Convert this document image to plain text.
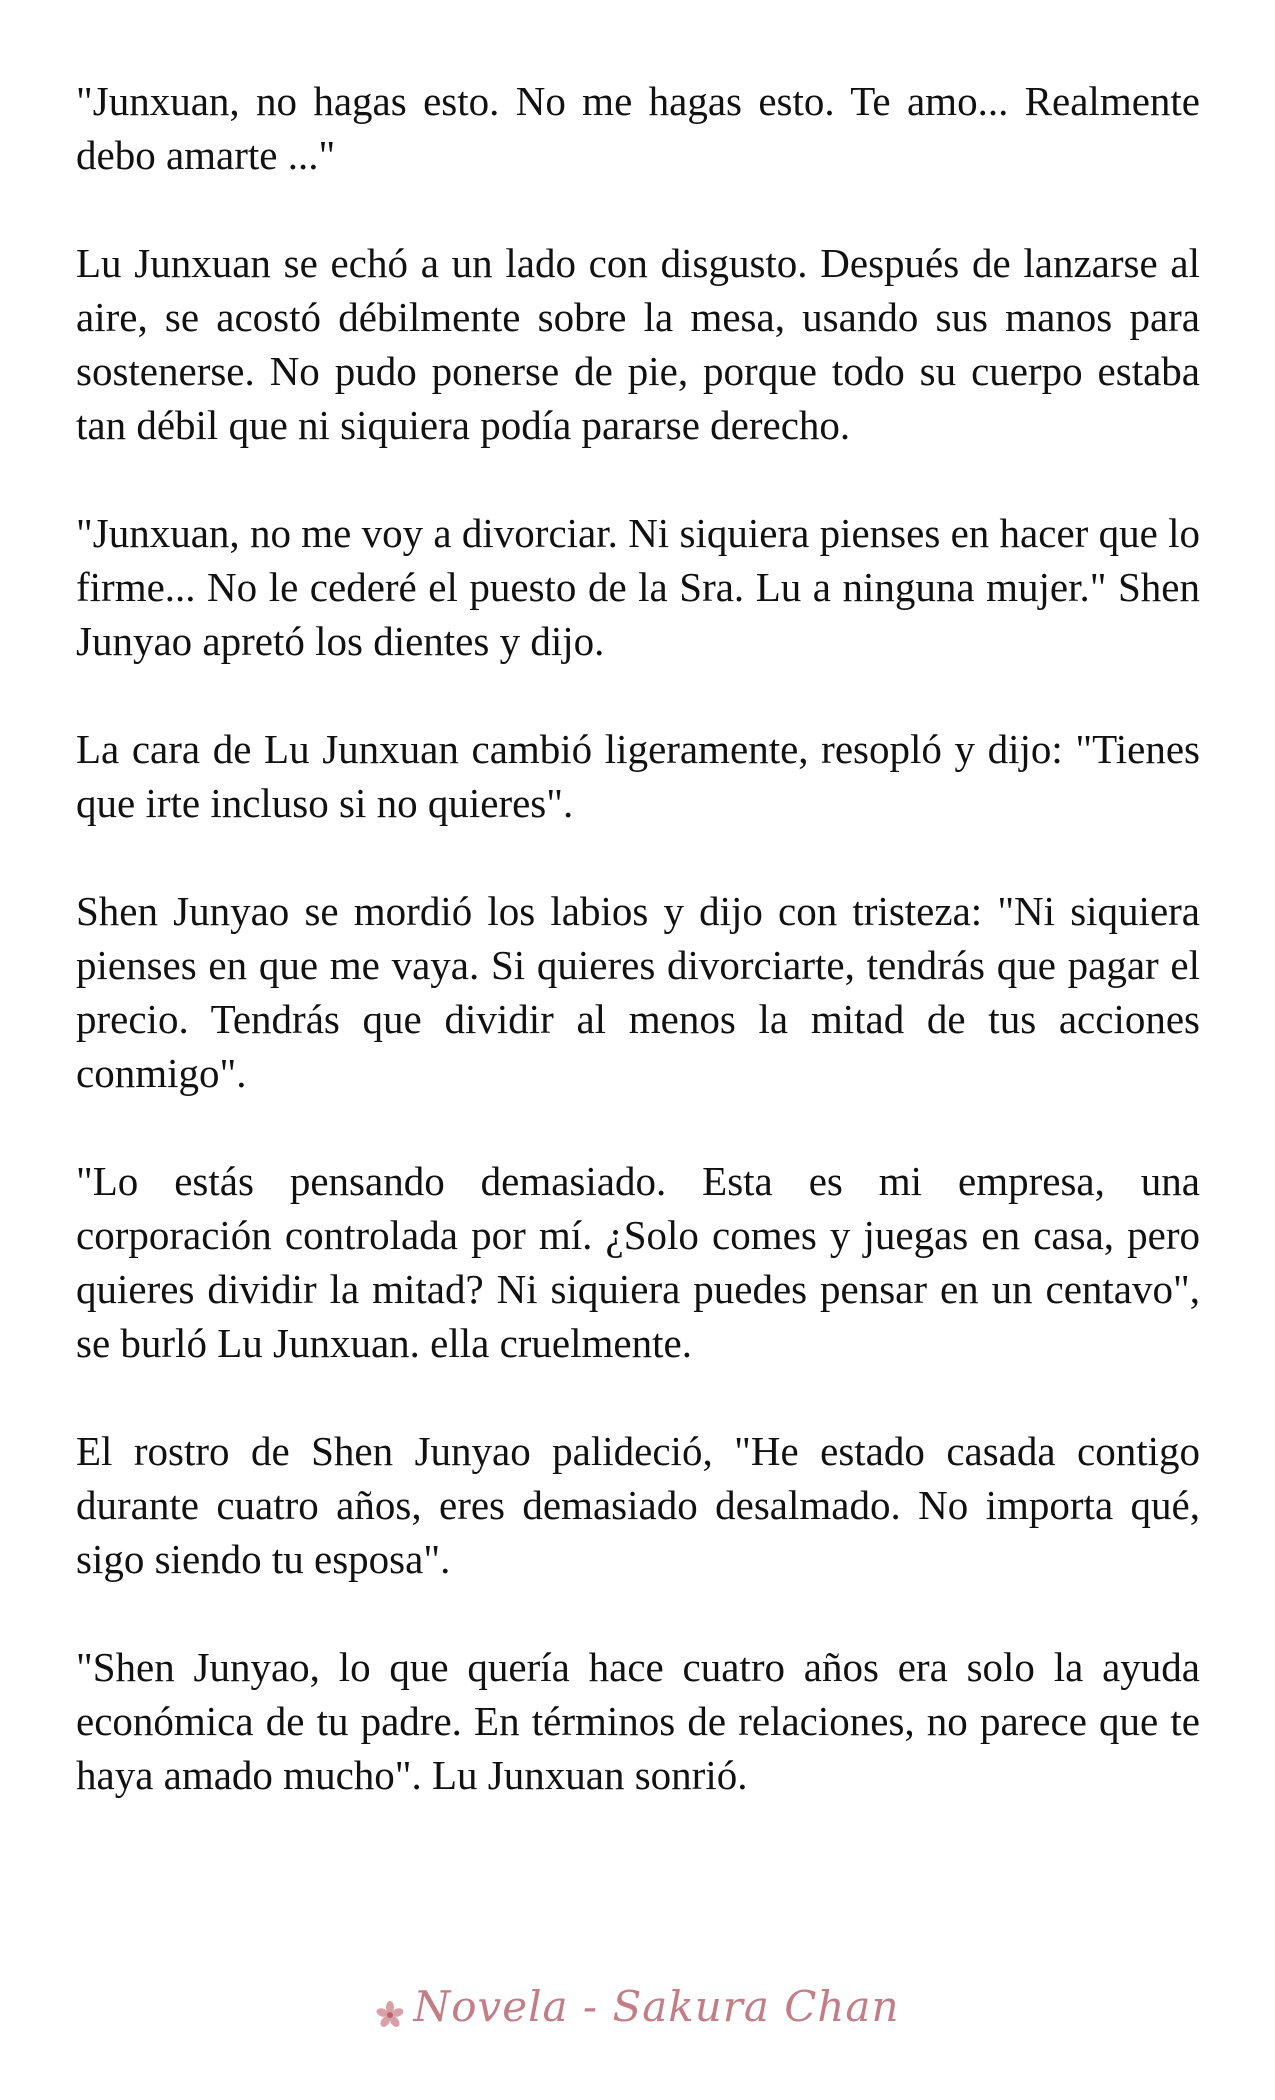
"Junxuan, no hagas esto. No me hagas esto. Te amo... Realmente debo amarte ..."

Lu Junxuan se echó a un lado con disgusto. Después de lanzarse al aire, se acostó débilmente sobre la mesa, usando sus manos para sostenerse. No pudo ponerse de pie, porque todo su cuerpo estaba tan débil que ni siquiera podía pararse derecho.

"Junxuan, no me voy a divorciar. Ni siquiera pienses en hacer que lo firme... No le cederé el puesto de la Sra. Lu a ninguna mujer." Shen Junyao apretó los dientes y dijo.

La cara de Lu Junxuan cambió ligeramente, resopló y dijo: "Tienes que irte incluso si no quieres".

Shen Junyao se mordió los labios y dijo con tristeza: "Ni siquiera pienses en que me vaya. Si quieres divorciarte, tendrás que pagar el precio. Tendrás que dividir al menos la mitad de tus acciones conmigo".

"Lo estás pensando demasiado. Esta es mi empresa, una corporación controlada por mí. ¿Solo comes y juegas en casa, pero quieres dividir la mitad? Ni siquiera puedes pensar en un centavo", se burló Lu Junxuan. ella cruelmente.

El rostro de Shen Junyao palideció, "He estado casada contigo durante cuatro años, eres demasiado desalmado. No importa qué, sigo siendo tu esposa".

"Shen Junyao, lo que quería hace cuatro años era solo la ayuda económica de tu padre. En términos de relaciones, no parece que te haya amado mucho". Lu Junxuan sonrió.

Novela - Sakura Chan
